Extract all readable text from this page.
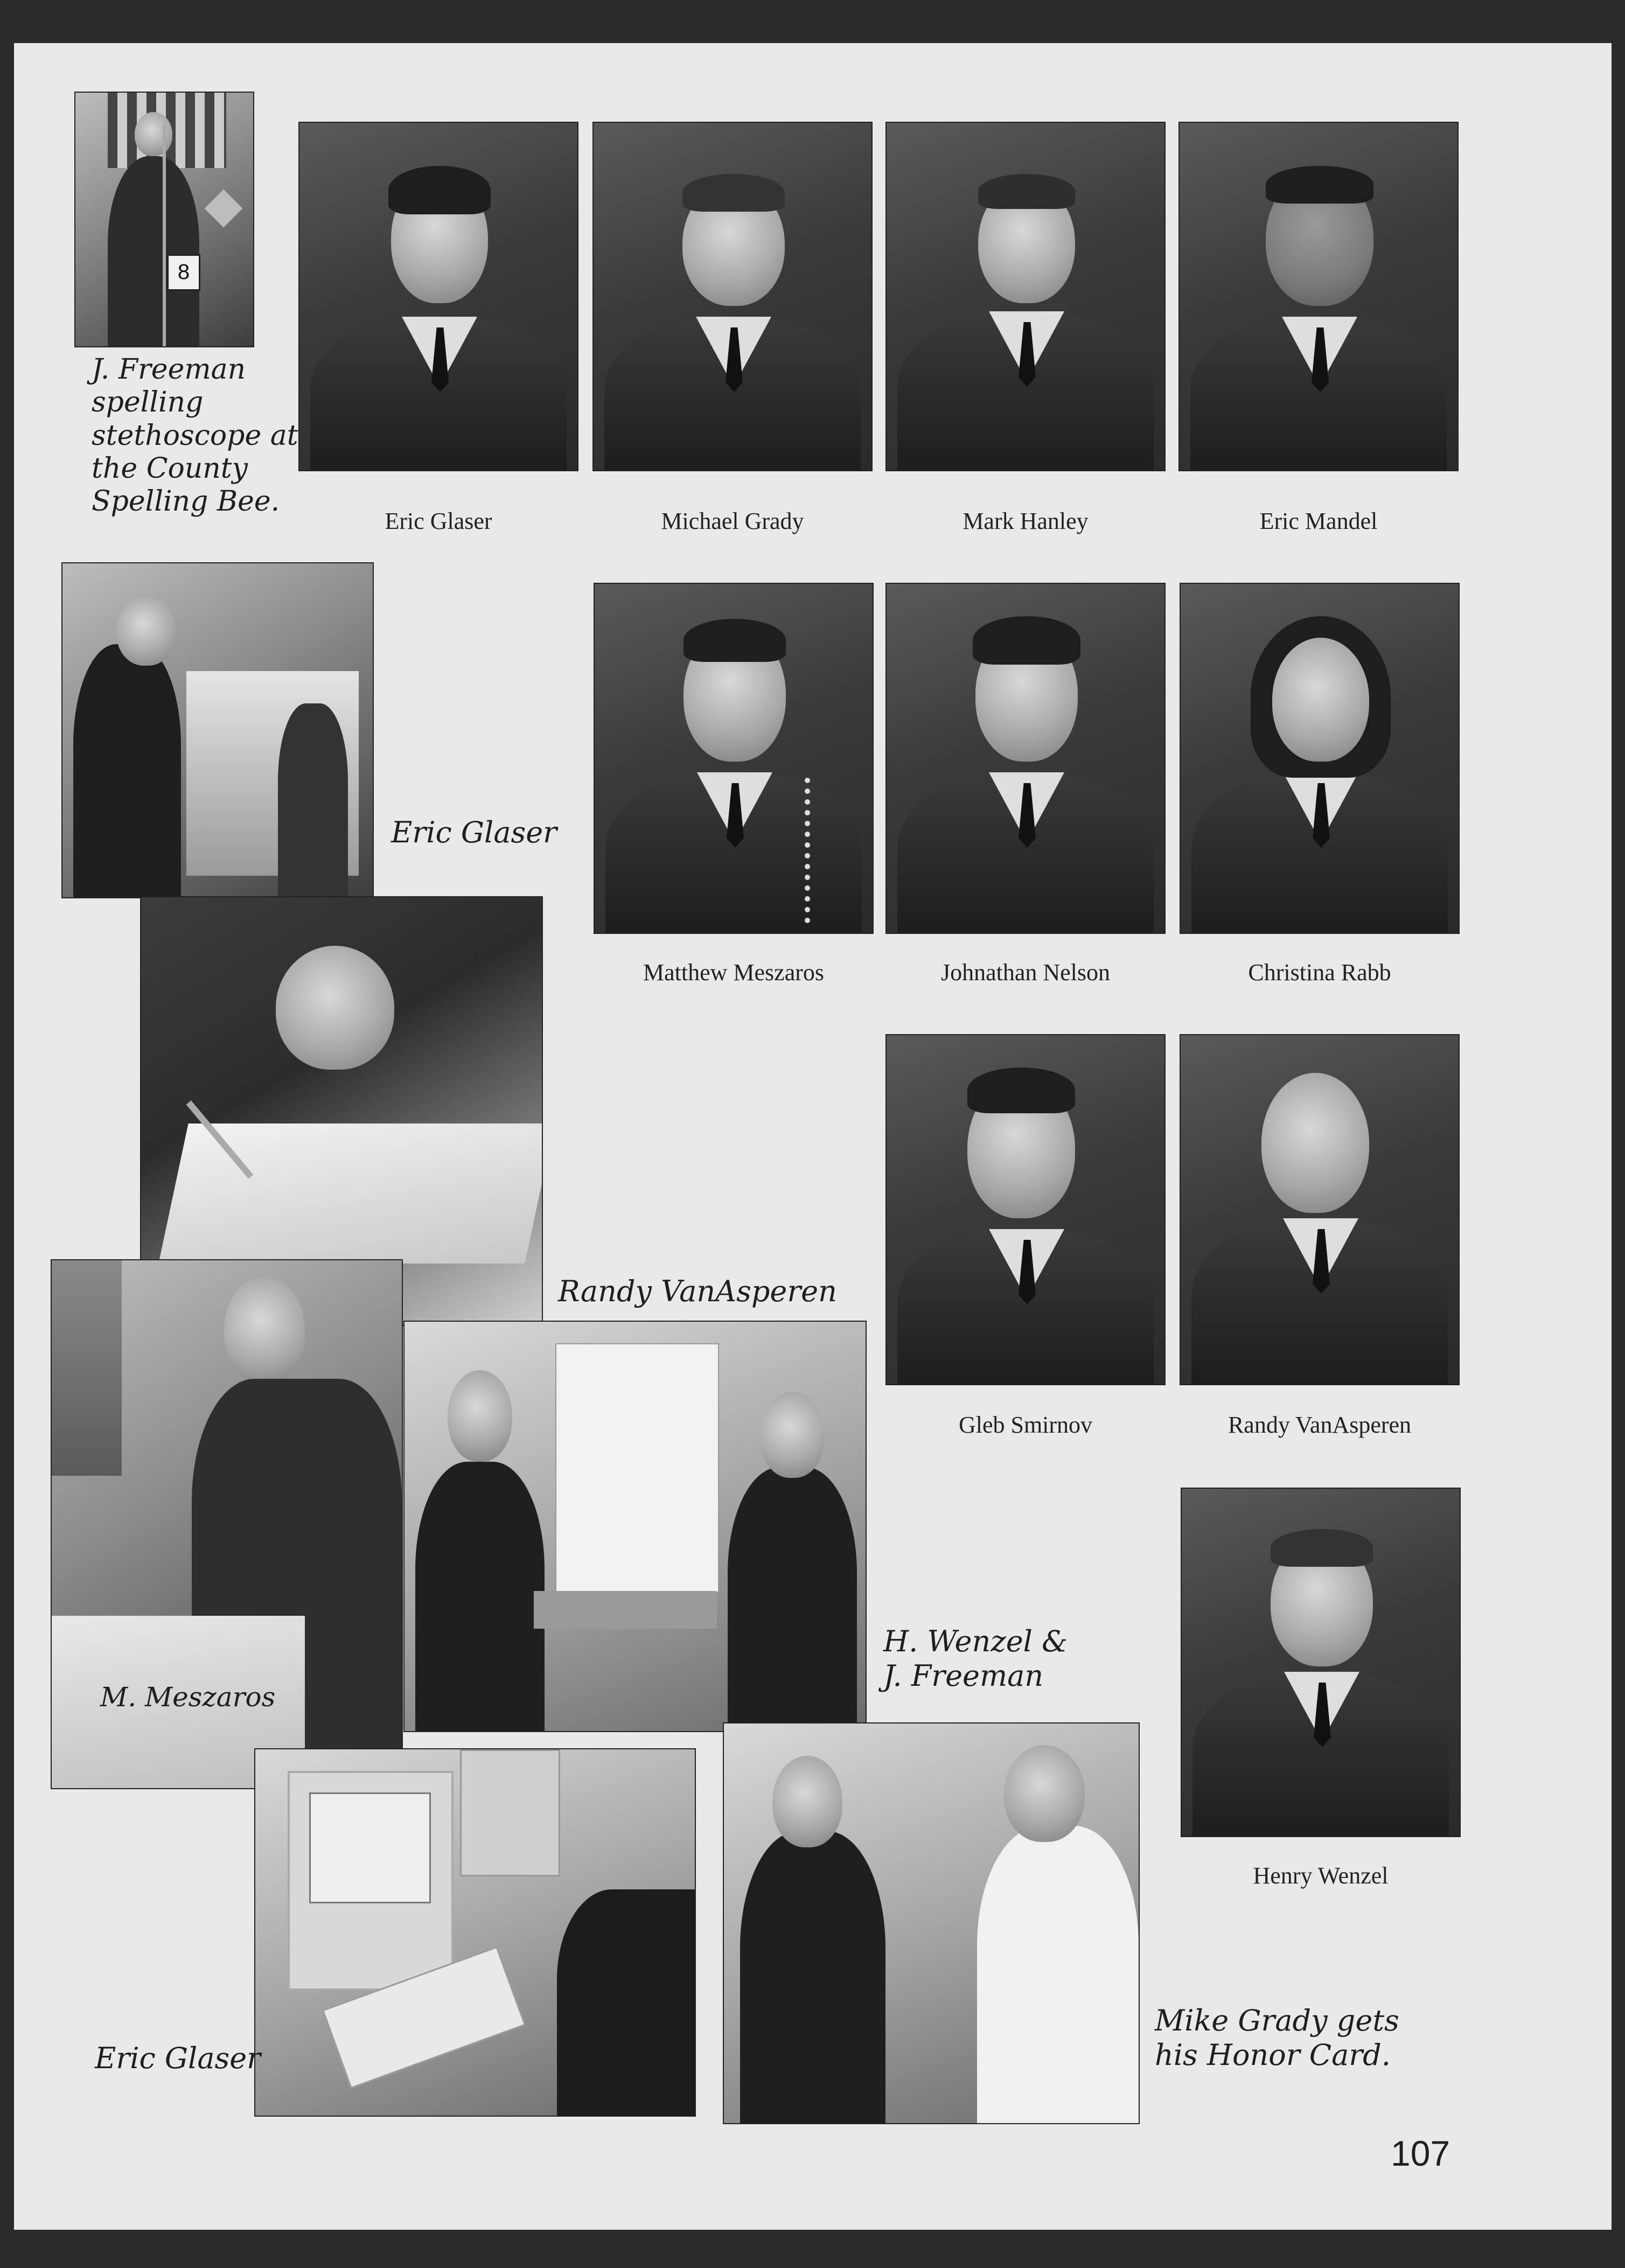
8
J. Freeman
spelling
stethoscope at
the County
Spelling Bee.
Eric Glaser	Michael Grady	Mark Hanley	Eric Mandel
Eric Glaser
Randy VanAsperen
Matthew Meszaros	Johnathan Nelson	Christina Rabb
Gleb Smirnov	Randy VanAsperen
Henry Wenzel
M. Meszaros
H. Wenzel &
J. Freeman
Eric Glaser
Mike Grady gets
his Honor Card.
107
